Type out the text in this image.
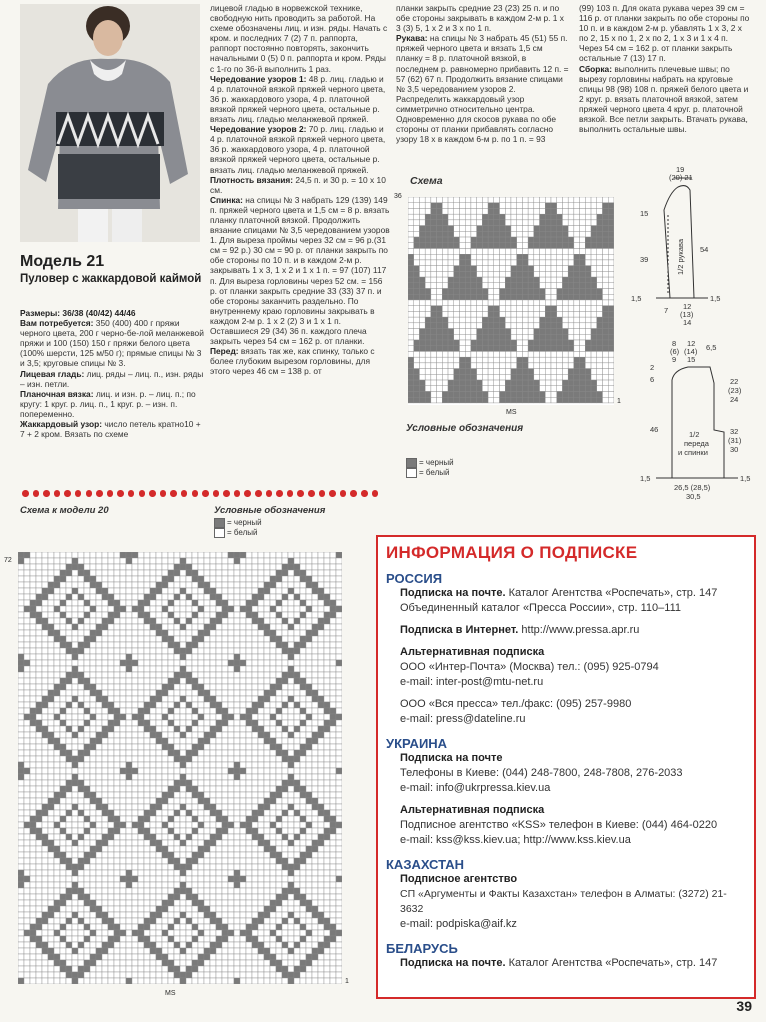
Модель 21
Пуловер с жаккардовой каймой
Размеры: 36/38 (40/42) 44/46
Вам потребуется: 350 (400) 400 г пряжи черного цвета, 200 г черно-бе-лой меланжевой пряжи и 100 (150) 150 г пряжи белого цвета (100% шерсти, 125 м/50 г); прямые спицы № 3 и 3,5; круговые спицы № 3.
Лицевая гладь: лиц. ряды – лиц. п., изн. ряды – изн. петли.
Планочная вязка: лиц. и изн. р. – лиц. п.; по кругу: 1 круг. р. лиц. п., 1 круг. р. – изн. п. попеременно.
Жаккардовый узор: число петель кратно10 + 7 + 2 кром. Вязать по схеме
лицевой гладью в норвежской технике, свободную нить проводить за работой. На схеме обозначены лиц. и изн. ряды. Начать с кром. и последних 7 (2) 7 п. раппорта, раппорт постоянно повторять, закончить начальными 0 (5) 0 п. раппорта и кром. Ряды с 1-го по 36-й выполнить 1 раз.
Чередование узоров 1: 48 р. лиц. гладью и 4 р. платочной вязкой пряжей черного цвета, 36 р. жаккардового узора, 4 р. платочной вязкой пряжей черного цвета, остальные р. вязать лиц. гладью меланжевой пряжей.
Чередование узоров 2: 70 р. лиц. гладью и 4 р. платочной вязкой пряжей черного цвета, 36 р. жаккардового узора, 4 р. платочной вязкой пряжей черного цвета, остальные р. вязать лиц. гладью меланжевой пряжей.
Плотность вязания: 24,5 п. и 30 р. = 10 х 10 см.
Спинка: на спицы № 3 набрать 129 (139) 149 п. пряжей черного цвета и 1,5 см = 8 р. вязать планку платочной вязкой. Продолжить вязание спицами № 3,5 чередованием узоров 1. Для выреза проймы через 32 см = 96 р.(31 см = 92 р.) 30 см = 90 р. от планки закрыть по обе стороны по 10 п. и в каждом 2-м р. закрывать 1 х 3, 1 х 2 и 1 х 1 п. = 97 (107) 117 п. Для выреза горловины через 52 см. = 156 р. от планки закрыть средние 33 (33) 37 п. и обе стороны заканчить раздельно. По внутреннему краю горловины закрывать в каждом 2-м р. 1 х 2 (2) 3 и 1 х 1 п. Оставшиеся 29 (34) 36 п. каждого плеча закрыть через 54 см = 162 р. от планки.
Перед: вязать так же, как спинку, только с более глубоким вырезом горловины, для этого через 46 см = 138 р. от
планки закрыть средние 23 (23) 25 п. и по обе стороны закрывать в каждом 2-м р. 1 х 3 (3) 5, 1 х 2 и 3 х по 1 п.
Рукава: на спицы № 3 набрать 45 (51) 55 п. пряжей черного цвета и вязать 1,5 см планку = 8 р. платочной вязкой, в последнем р. равномерно прибавить 12 п. = 57 (62) 67 п. Продолжить вязание спицами № 3,5 чередованием узоров 2. Распределить жаккардовый узор симметрично относительно центра. Одновременно для скосов рукава по обе стороны от планки прибавлять согласно узору 18 х в каждом 6-м р. по 1 п. = 93
(99) 103 п. Для оката рукава через 39 см = 116 р. от планки закрыть по обе стороны по 10 п. и в каждом 2-м р. убавлять 1 х 3, 2 х по 2, 15 х по 1, 2 х по 2, 1 х 3 и 1 х 4 п. Через 54 см = 162 р. от планки закрыть остальные 7 (13) 17 п.
Сборка: выполнить плечевые швы; по вырезу горловины набрать на круговые спицы 98 (98) 108 п. пряжей белого цвета и 2 круг. р. вязать платочной вязкой, затем пряжей черного цвета 4 круг. р. платочной вязкой. Все петли закрыть. Втачать рукава, выполнить остальные швы.
Схема
36
1
MS
Условные обозначения
= черный
= белый
19
(20) 21
15
39
54
1/2 рукава
1,5	1,5
7 12
(13)
14
8
(6)
9
12
(14)
15
6,5
2
6
46
22
(23)
24
32
(31)
30
1/2
переда
и спинки
1,5	1,5
26,5 (28,5)
30,5
Схема к модели 20	Условные обозначения
= черный
= белый
72
1
MS
ИНФОРМАЦИЯ О ПОДПИСКЕ
РОССИЯ
Подписка на почте. Каталог Агентства «Роспечать», стр. 147
Объединенный каталог «Пресса России», стр. 110–111
Подписка в Интернет. http://www.pressa.apr.ru
Альтернативная подписка
ООО «Интер-Почта» (Москва) тел.: (095) 925-0794
e-mail: inter-post@mtu-net.ru
ООО «Вся пресса» тел./факс: (095) 257-9980
e-mail: press@dateline.ru
УКРАИНА
Подписка на почте
Телефоны в Киеве: (044) 248-7800, 248-7808, 276-2033
e-mail: info@ukrpressa.kiev.ua
Альтернативная подписка
Подписное агентство «KSS» телефон в Киеве: (044) 464-0220
e-mail: kss@kss.kiev.ua; http://www.kss.kiev.ua
КАЗАХСТАН
Подписное агентство
СП «Аргументы и Факты Казахстан» телефон в Алматы: (3272) 21-3632
e-mail: podpiska@aif.kz
БЕЛАРУСЬ
Подписка на почте. Каталог Агентства «Роспечать», стр. 147
39
